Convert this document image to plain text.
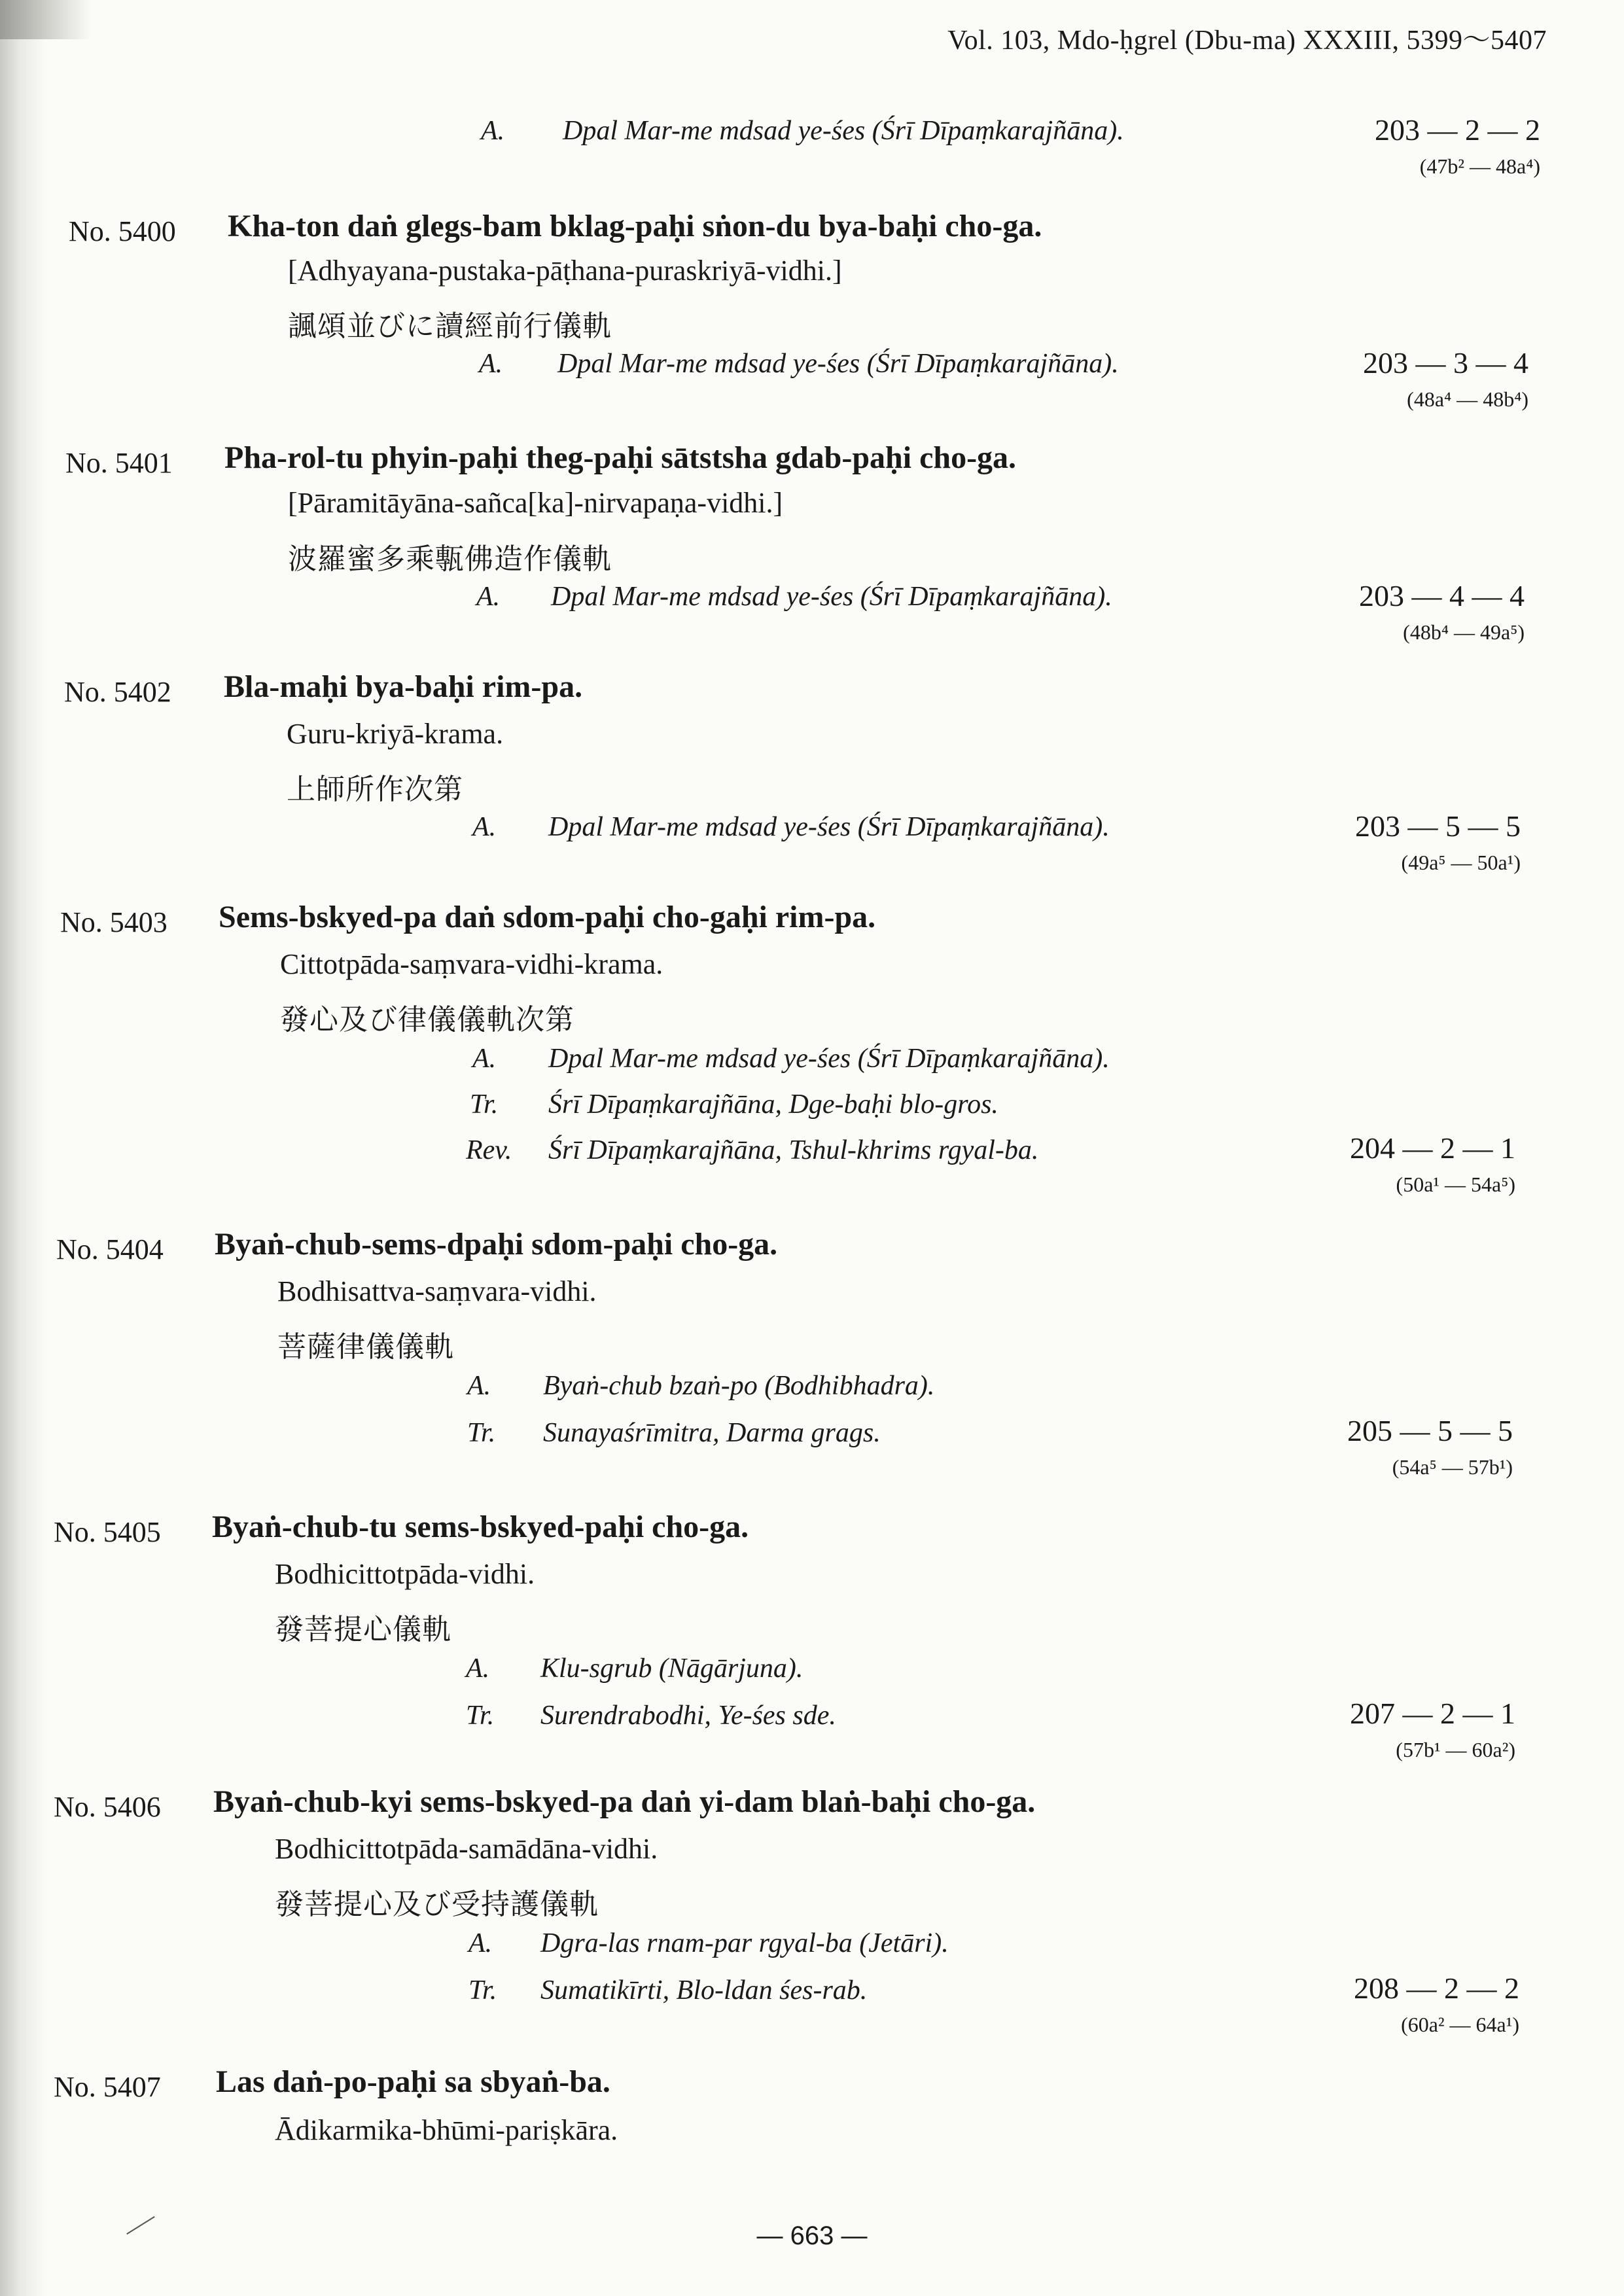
Vol. 103, Mdo-ḥgrel (Dbu-ma) XXXIII, 5399～5407
A. Dpal Mar-me mdsad ye-śes (Śrī Dīpaṃkarajñāna).	203 — 2 — 2
(47b² — 48a⁴)
No. 5400 Kha-ton daṅ glegs-bam bklag-paḥi sṅon-du bya-baḥi cho-ga.
[Adhyayana-pustaka-pāṭhana-puraskriyā-vidhi.]
諷頌並びに讀經前行儀軌
A. Dpal Mar-me mdsad ye-śes (Śrī Dīpaṃkarajñāna).	203 — 3 — 4
(48a⁴ — 48b⁴)
No. 5401 Pha-rol-tu phyin-paḥi theg-paḥi sātstsha gdab-paḥi cho-ga.
[Pāramitāyāna-sañca[ka]-nirvapaṇa-vidhi.]
波羅蜜多乘甎佛造作儀軌
A. Dpal Mar-me mdsad ye-śes (Śrī Dīpaṃkarajñāna).	203 — 4 — 4
(48b⁴ — 49a⁵)
No. 5402 Bla-maḥi bya-baḥi rim-pa.
Guru-kriyā-krama.
上師所作次第
A. Dpal Mar-me mdsad ye-śes (Śrī Dīpaṃkarajñāna).	203 — 5 — 5
(49a⁵ — 50a¹)
No. 5403 Sems-bskyed-pa daṅ sdom-paḥi cho-gaḥi rim-pa.
Cittotpāda-saṃvara-vidhi-krama.
發心及び律儀儀軌次第
A. Dpal Mar-me mdsad ye-śes (Śrī Dīpaṃkarajñāna).
Tr. Śrī Dīpaṃkarajñāna, Dge-baḥi blo-gros.
Rev. Śrī Dīpaṃkarajñāna, Tshul-khrims rgyal-ba.	204 — 2 — 1
(50a¹ — 54a⁵)
No. 5404 Byaṅ-chub-sems-dpaḥi sdom-paḥi cho-ga.
Bodhisattva-saṃvara-vidhi.
菩薩律儀儀軌
A. Byaṅ-chub bzaṅ-po (Bodhibhadra).
Tr. Sunayaśrīmitra, Darma grags.	205 — 5 — 5
(54a⁵ — 57b¹)
No. 5405 Byaṅ-chub-tu sems-bskyed-paḥi cho-ga.
Bodhicittotpāda-vidhi.
發菩提心儀軌
A. Klu-sgrub (Nāgārjuna).
Tr. Surendrabodhi, Ye-śes sde.	207 — 2 — 1
(57b¹ — 60a²)
No. 5406 Byaṅ-chub-kyi sems-bskyed-pa daṅ yi-dam blaṅ-baḥi cho-ga.
Bodhicittotpāda-samādāna-vidhi.
發菩提心及び受持護儀軌
A. Dgra-las rnam-par rgyal-ba (Jetāri).
Tr. Sumatikīrti, Blo-ldan śes-rab.	208 — 2 — 2
(60a² — 64a¹)
No. 5407 Las daṅ-po-paḥi sa sbyaṅ-ba.
Ādikarmika-bhūmi-pariṣkāra.
— 663 —
